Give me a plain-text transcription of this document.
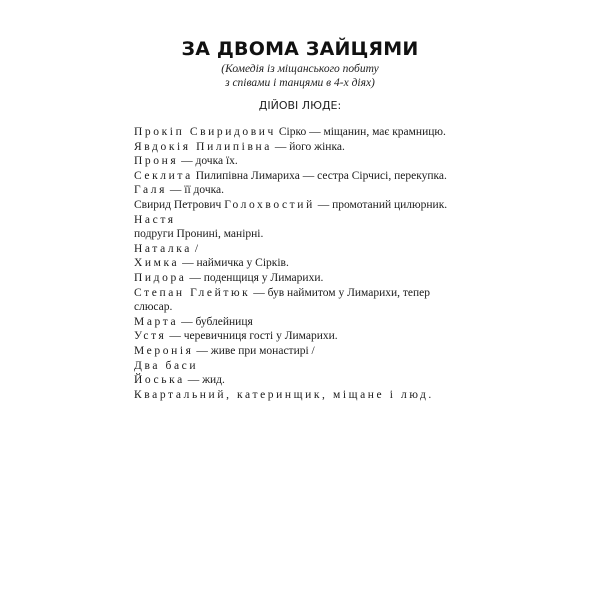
ЗА ДВОМА ЗАЙЦЯМИ
(Комедія із міщанського побиту
з співами і танцями в 4-х діях)
ДІЙОВІ ЛЮДЕ:
Прокіп Свиридович Сірко — міщанин, має крамницю.
Явдокія Пилипівна — його жінка.
Проня — дочка їх.
Секлита Пилипівна Лимариха — сестра Сірчисі, перекупка.
Галя — її дочка.
Свирид Петрович Голохвостий — промотаний цилюрник.
Настя
подруги Пронині, манірні.
Наталка /
Химка — наймичка у Сірків.
Пидора — поденщиця у Лимарихи.
Степан Глейтюк — був наймитом у Лимарихи, тепер
слюсар.
Марта — бублейниця
Устя — черевичниця гості у Лимарихи.
Меронія — живе при монастирі /
Два баси
Йоська — жид.
Квартальний, катеринщик, міщане і люд.
